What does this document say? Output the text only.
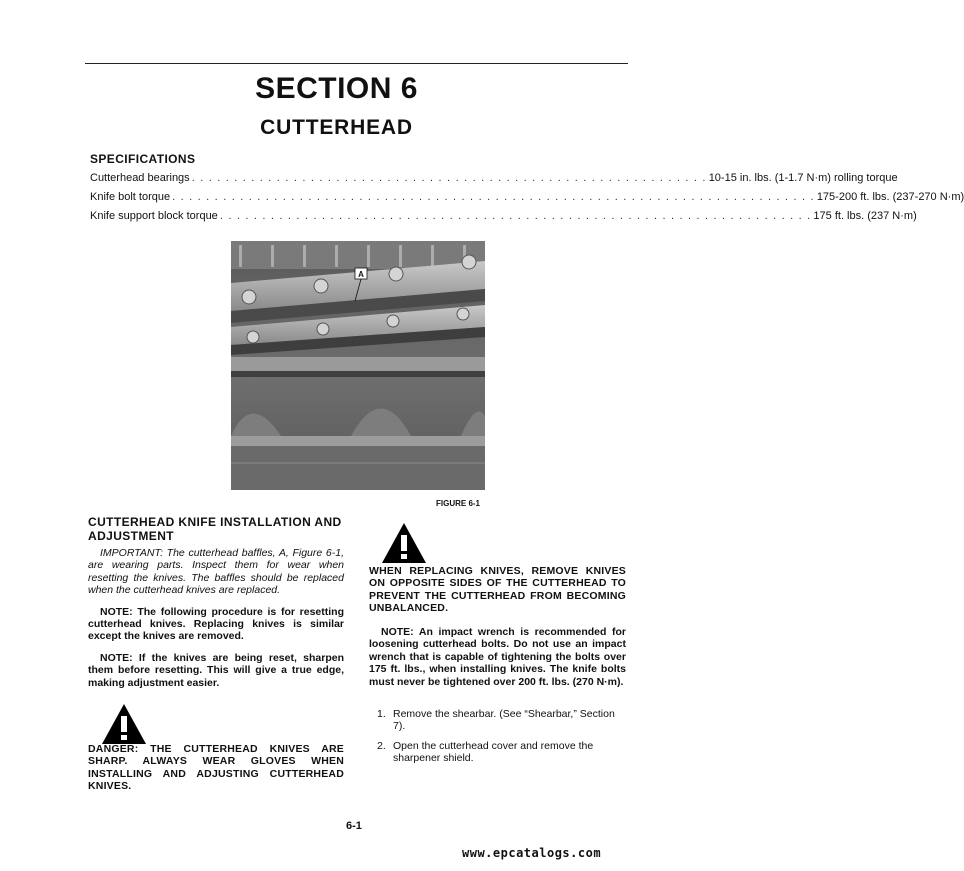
SECTION 6
CUTTERHEAD
SPECIFICATIONS
Cutterhead bearings . . . . . . . . . . . . . . . . . . . . . . . . . . . . . . . . . . . . . . . . . . . . . . . . . . . . . . . . . . . . . 10-15 in. lbs. (1-1.7 N·m) rolling torque
Knife bolt torque . . . . . . . . . . . . . . . . . . . . . . . . . . . . . . . . . . . . . . . . . . . . . . . . . . . . . . . . . . . . . . . . . . . . . . . . . . . . 175-200 ft. lbs. (237-270 N·m)
Knife support block torque . . . . . . . . . . . . . . . . . . . . . . . . . . . . . . . . . . . . . . . . . . . . . . . . . . . . . . . . . . . . . . . . . . . . . . 175 ft. lbs. (237 N·m)
A
FIGURE 6-1
CUTTERHEAD KNIFE INSTALLATION AND ADJUSTMENT

IMPORTANT: The cutterhead baffles, A, Figure 6-1, are wearing parts. Inspect them for wear when resetting the knives. The baffles should be replaced when the cutterhead knives are replaced.

NOTE: The following procedure is for resetting cutterhead knives. Replacing knives is similar except the knives are removed.

NOTE: If the knives are being reset, sharpen them before resetting. This will give a true edge, making adjustment easier.

DANGER: THE CUTTERHEAD KNIVES ARE SHARP. ALWAYS WEAR GLOVES WHEN INSTALLING AND ADJUSTING CUTTERHEAD KNIVES.

WHEN REPLACING KNIVES, REMOVE KNIVES ON OPPOSITE SIDES OF THE CUTTERHEAD TO PREVENT THE CUTTERHEAD FROM BECOMING UNBALANCED.

NOTE: An impact wrench is recommended for loosening cutterhead bolts. Do not use an impact wrench that is capable of tightening the bolts over 175 ft. lbs., when installing knives. The knife bolts must never be tightened over 200 ft. lbs. (270 N·m).

1. Remove the shearbar. (See “Shearbar,” Section 7).
2. Open the cutterhead cover and remove the sharpener shield.
6-1
www.epcatalogs.com
